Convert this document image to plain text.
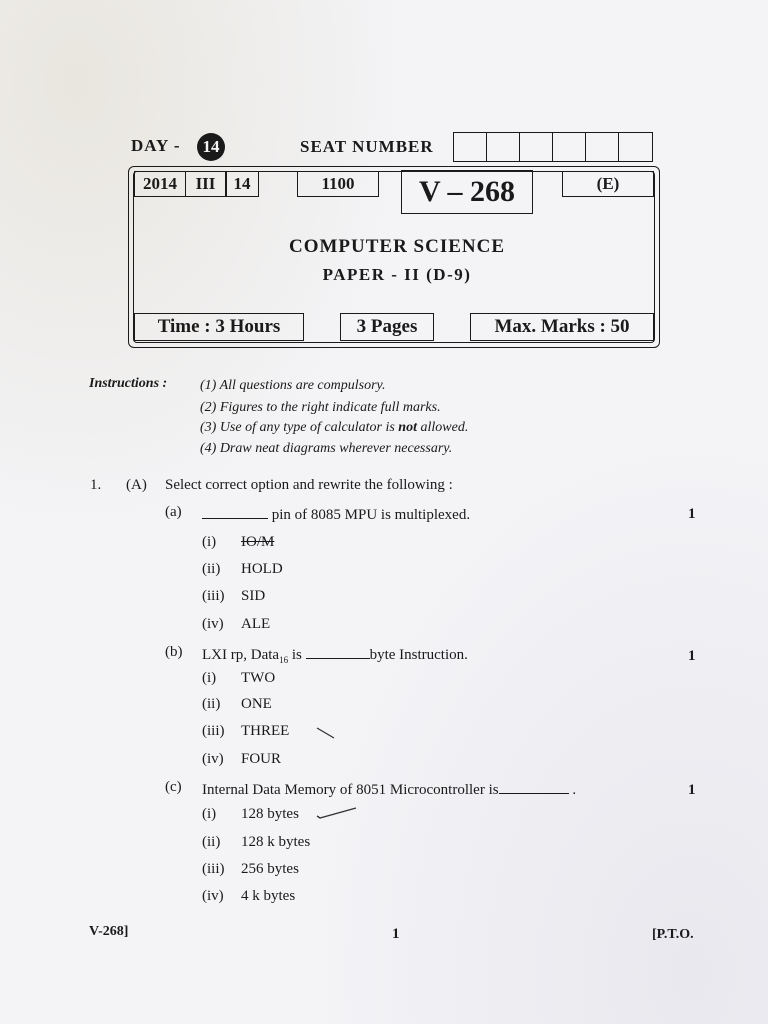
DAY -	14	SEAT NUMBER
2014	III	14	1100	V – 268	(E)
COMPUTER SCIENCE
PAPER - II (D-9)
Time : 3 Hours	3 Pages	Max. Marks : 50
Instructions : (1) All questions are compulsory.
(2) Figures to the right indicate full marks.
(3) Use of any type of calculator is not allowed.
(4) Draw neat diagrams wherever necessary.
1. (A) Select correct option and rewrite the following :
(a)	pin of 8085 MPU is multiplexed.	1
(i) IO/M
(ii) HOLD
(iii) SID
(iv) ALE
(b) LXI rp, Data$_{16}$ is	byte Instruction.	1
(i) TWO
(ii) ONE
(iii) THREE
(iv) FOUR
(c) Internal Data Memory of 8051 Microcontroller is	.	1
(i) 128 bytes
(ii) 128 k bytes
(iii) 256 bytes
(iv) 4 k bytes
V-268]	1	[P.T.O.
